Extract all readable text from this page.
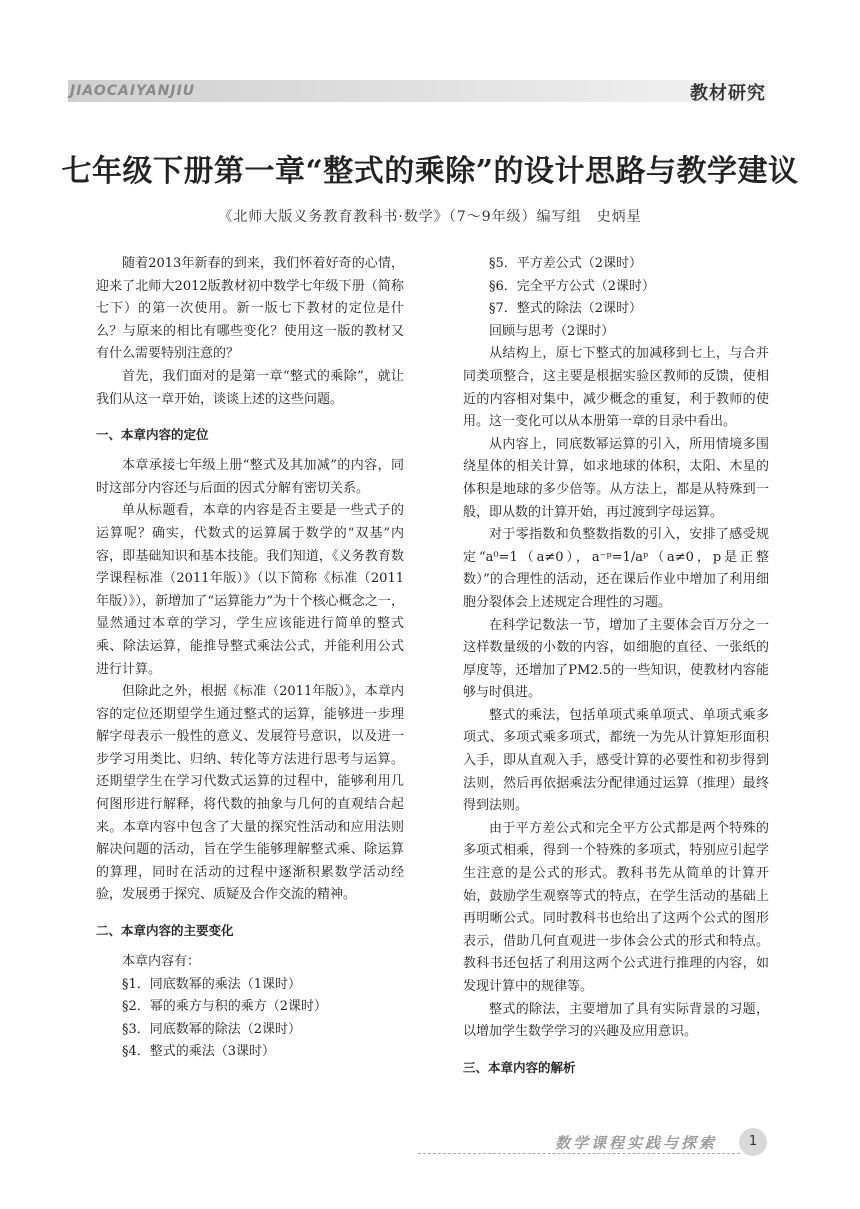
JIAOCAIYANJIU	教材研究
七年级下册第一章“整式的乘除”的设计思路与教学建议
《北师大版义务教育教科书·数学》（7～9年级）编写组　史炳星

随着2013年新春的到来，我们怀着好奇的心情，迎来了北师大2012版教材初中数学七年级下册（简称七下）的第一次使用。新一版七下教材的定位是什么？与原来的相比有哪些变化？使用这一版的教材又有什么需要特别注意的？

首先，我们面对的是第一章“整式的乘除”，就让我们从这一章开始，谈谈上述的这些问题。

一、本章内容的定位

本章承接七年级上册“整式及其加减”的内容，同时这部分内容还与后面的因式分解有密切关系。

单从标题看，本章的内容是否主要是一些式子的运算呢？确实，代数式的运算属于数学的“双基”内容，即基础知识和基本技能。我们知道，《义务教育数学课程标准（2011年版）》（以下简称《标准（2011年版）》），新增加了“运算能力”为十个核心概念之一，显然通过本章的学习，学生应该能进行简单的整式乘、除法运算，能推导整式乘法公式，并能利用公式进行计算。

但除此之外，根据《标准（2011年版）》，本章内容的定位还期望学生通过整式的运算，能够进一步理解字母表示一般性的意义、发展符号意识，以及进一步学习用类比、归纳、转化等方法进行思考与运算。还期望学生在学习代数式运算的过程中，能够利用几何图形进行解释，将代数的抽象与几何的直观结合起来。本章内容中包含了大量的探究性活动和应用法则解决问题的活动，旨在学生能够理解整式乘、除运算的算理，同时在活动的过程中逐渐积累数学活动经验，发展勇于探究、质疑及合作交流的精神。

二、本章内容的主要变化

本章内容有：

§1．同底数幂的乘法（1课时）

§2．幂的乘方与积的乘方（2课时）

§3．同底数幂的除法（2课时）

§4．整式的乘法（3课时）

§5．平方差公式（2课时）

§6．完全平方公式（2课时）

§7．整式的除法（2课时）

回顾与思考（2课时）

从结构上，原七下整式的加减移到七上，与合并同类项整合，这主要是根据实验区教师的反馈，使相近的内容相对集中，减少概念的重复，利于教师的使用。这一变化可以从本册第一章的目录中看出。

从内容上，同底数幂运算的引入，所用情境多围绕星体的相关计算，如求地球的体积，太阳、木星的体积是地球的多少倍等。从方法上，都是从特殊到一般，即从数的计算开始，再过渡到字母运算。

对于零指数和负整数指数的引入，安排了感受规定“a⁰=1（a≠0），a⁻ᵖ=1/aᵖ（a≠0，p是正整数）”的合理性的活动，还在课后作业中增加了利用细胞分裂体会上述规定合理性的习题。

在科学记数法一节，增加了主要体会百万分之一这样数量级的小数的内容，如细胞的直径、一张纸的厚度等，还增加了PM2.5的一些知识，使教材内容能够与时俱进。

整式的乘法，包括单项式乘单项式、单项式乘多项式、多项式乘多项式，都统一为先从计算矩形面积入手，即从直观入手，感受计算的必要性和初步得到法则，然后再依据乘法分配律通过运算（推理）最终得到法则。

由于平方差公式和完全平方公式都是两个特殊的多项式相乘，得到一个特殊的多项式，特别应引起学生注意的是公式的形式。教科书先从简单的计算开始，鼓励学生观察等式的特点，在学生活动的基础上再明晰公式。同时教科书也给出了这两个公式的图形表示，借助几何直观进一步体会公式的形式和特点。教科书还包括了利用这两个公式进行推理的内容，如发现计算中的规律等。

整式的除法，主要增加了具有实际背景的习题，以增加学生数学学习的兴趣及应用意识。

三、本章内容的解析
数学课程实践与探索	1
